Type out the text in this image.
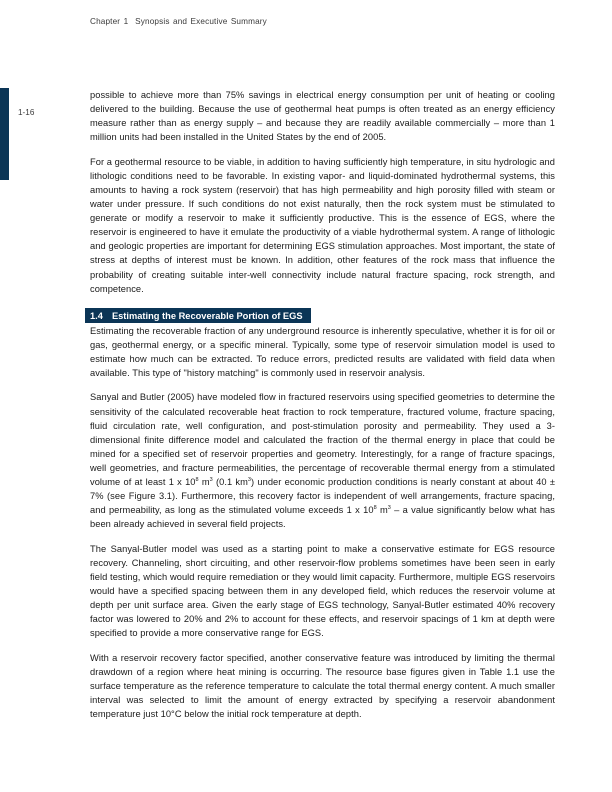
Chapter 1 Synopsis and Executive Summary
1-16

possible to achieve more than 75% savings in electrical energy consumption per unit of heating or cooling delivered to the building. Because the use of geothermal heat pumps is often treated as an energy efficiency measure rather than as energy supply – and because they are readily available commercially – more than 1 million units had been installed in the United States by the end of 2005.

For a geothermal resource to be viable, in addition to having sufficiently high temperature, in situ hydrologic and lithologic conditions need to be favorable. In existing vapor- and liquid-dominated hydrothermal systems, this amounts to having a rock system (reservoir) that has high permeability and high porosity filled with steam or water under pressure. If such conditions do not exist naturally, then the rock system must be stimulated to generate or modify a reservoir to make it sufficiently productive. This is the essence of EGS, where the reservoir is engineered to have it emulate the productivity of a viable hydrothermal system. A range of lithologic and geologic properties are important for determining EGS stimulation approaches. Most important, the state of stress at depths of interest must be known. In addition, other features of the rock mass that influence the probability of creating suitable inter-well connectivity include natural fracture spacing, rock strength, and competence.

1.4 Estimating the Recoverable Portion of EGS

Estimating the recoverable fraction of any underground resource is inherently speculative, whether it is for oil or gas, geothermal energy, or a specific mineral. Typically, some type of reservoir simulation model is used to estimate how much can be extracted. To reduce errors, predicted results are validated with field data when available. This type of "history matching" is commonly used in reservoir analysis.

Sanyal and Butler (2005) have modeled flow in fractured reservoirs using specified geometries to determine the sensitivity of the calculated recoverable heat fraction to rock temperature, fractured volume, fracture spacing, fluid circulation rate, well configuration, and post-stimulation porosity and permeability. They used a 3-dimensional finite difference model and calculated the fraction of the thermal energy in place that could be mined for a specified set of reservoir properties and geometry. Interestingly, for a range of fracture spacings, well geometries, and fracture permeabilities, the percentage of recoverable thermal energy from a stimulated volume of at least 1 x $10^8$ $m^3$ (0.1 $km^3$) under economic production conditions is nearly constant at about 40 ± 7% (see Figure 3.1). Furthermore, this recovery factor is independent of well arrangements, fracture spacing, and permeability, as long as the stimulated volume exceeds 1 x $10^8$ $m^3$ – a value significantly below what has been already achieved in several field projects.

The Sanyal-Butler model was used as a starting point to make a conservative estimate for EGS resource recovery. Channeling, short circuiting, and other reservoir-flow problems sometimes have been seen in early field testing, which would require remediation or they would limit capacity. Furthermore, multiple EGS reservoirs would have a specified spacing between them in any developed field, which reduces the reservoir volume at depth per unit surface area. Given the early stage of EGS technology, Sanyal-Butler estimated 40% recovery factor was lowered to 20% and 2% to account for these effects, and reservoir spacings of 1 km at depth were specified to provide a more conservative range for EGS.

With a reservoir recovery factor specified, another conservative feature was introduced by limiting the thermal drawdown of a region where heat mining is occurring. The resource base figures given in Table 1.1 use the surface temperature as the reference temperature to calculate the total thermal energy content. A much smaller interval was selected to limit the amount of energy extracted by specifying a reservoir abandonment temperature just 10°C below the initial rock temperature at depth.
